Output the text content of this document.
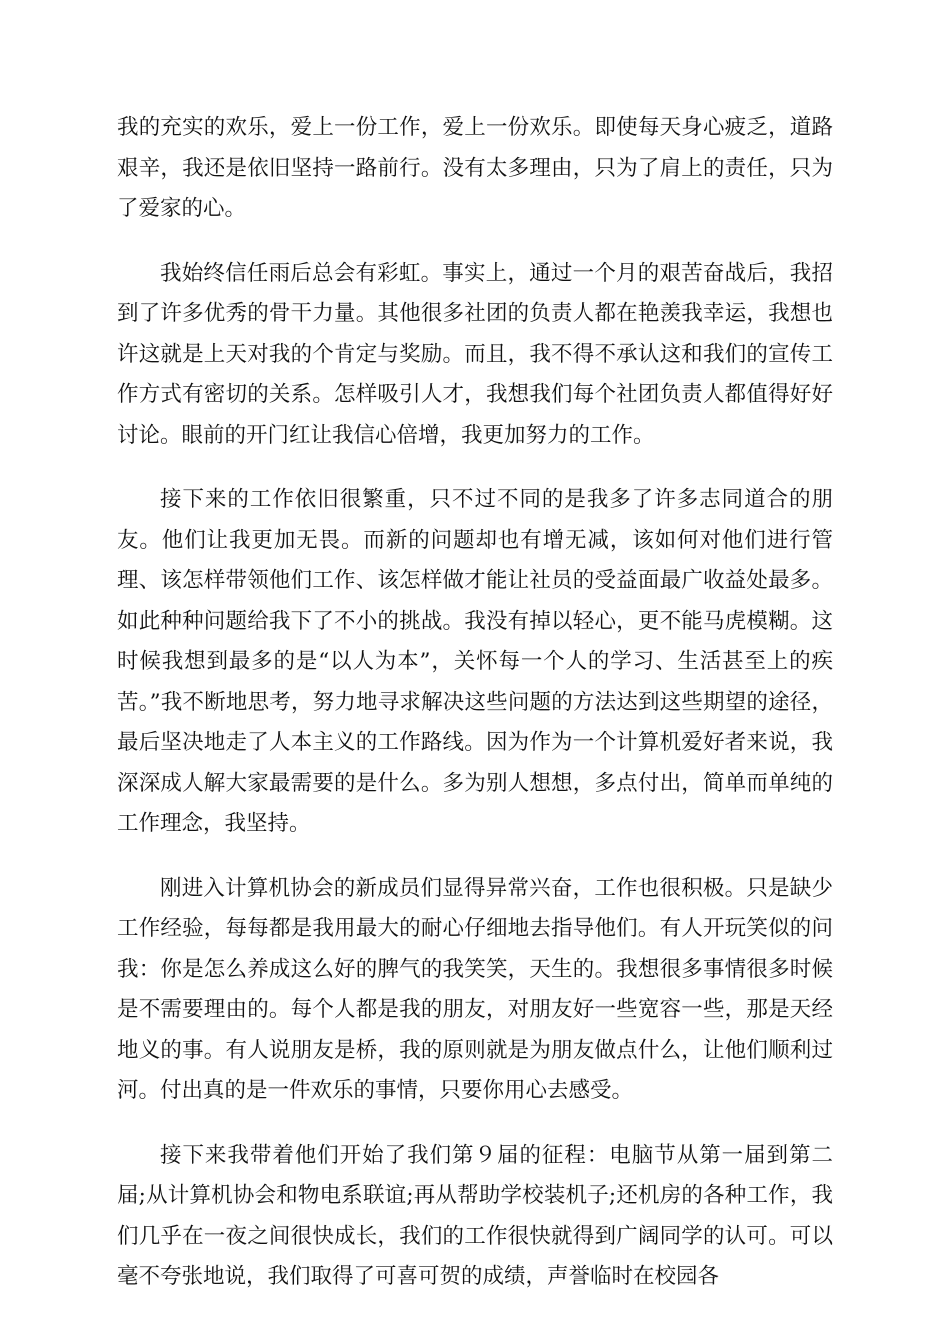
我的充实的欢乐，爱上一份工作，爱上一份欢乐。即使每天身心疲乏，道路艰辛，我还是依旧坚持一路前行。没有太多理由，只为了肩上的责任，只为了爱家的心。

我始终信任雨后总会有彩虹。事实上，通过一个月的艰苦奋战后，我招到了许多优秀的骨干力量。其他很多社团的负责人都在艳羡我幸运，我想也许这就是上天对我的个肯定与奖励。而且，我不得不承认这和我们的宣传工作方式有密切的关系。怎样吸引人才，我想我们每个社团负责人都值得好好讨论。眼前的开门红让我信心倍增，我更加努力的工作。

接下来的工作依旧很繁重，只不过不同的是我多了许多志同道合的朋友。他们让我更加无畏。而新的问题却也有增无减，该如何对他们进行管理、该怎样带领他们工作、该怎样做才能让社员的受益面最广收益处最多。如此种种问题给我下了不小的挑战。我没有掉以轻心，更不能马虎模糊。这时候我想到最多的是“以人为本”，关怀每一个人的学习、生活甚至上的疾苦。”我不断地思考，努力地寻求解决这些问题的方法达到这些期望的途径，最后坚决地走了人本主义的工作路线。因为作为一个计算机爱好者来说，我深深成人解大家最需要的是什么。多为别人想想，多点付出，简单而单纯的工作理念，我坚持。

刚进入计算机协会的新成员们显得异常兴奋，工作也很积极。只是缺少工作经验，每每都是我用最大的耐心仔细地去指导他们。有人开玩笑似的问我：你是怎么养成这么好的脾气的我笑笑，天生的。我想很多事情很多时候是不需要理由的。每个人都是我的朋友，对朋友好一些宽容一些，那是天经地义的事。有人说朋友是桥，我的原则就是为朋友做点什么，让他们顺利过河。付出真的是一件欢乐的事情，只要你用心去感受。

接下来我带着他们开始了我们第９届的征程：电脑节从第一届到第二届;从计算机协会和物电系联谊;再从帮助学校装机子;还机房的各种工作，我们几乎在一夜之间很快成长，我们的工作很快就得到广阔同学的认可。可以毫不夸张地说，我们取得了可喜可贺的成绩，声誉临时在校园各
